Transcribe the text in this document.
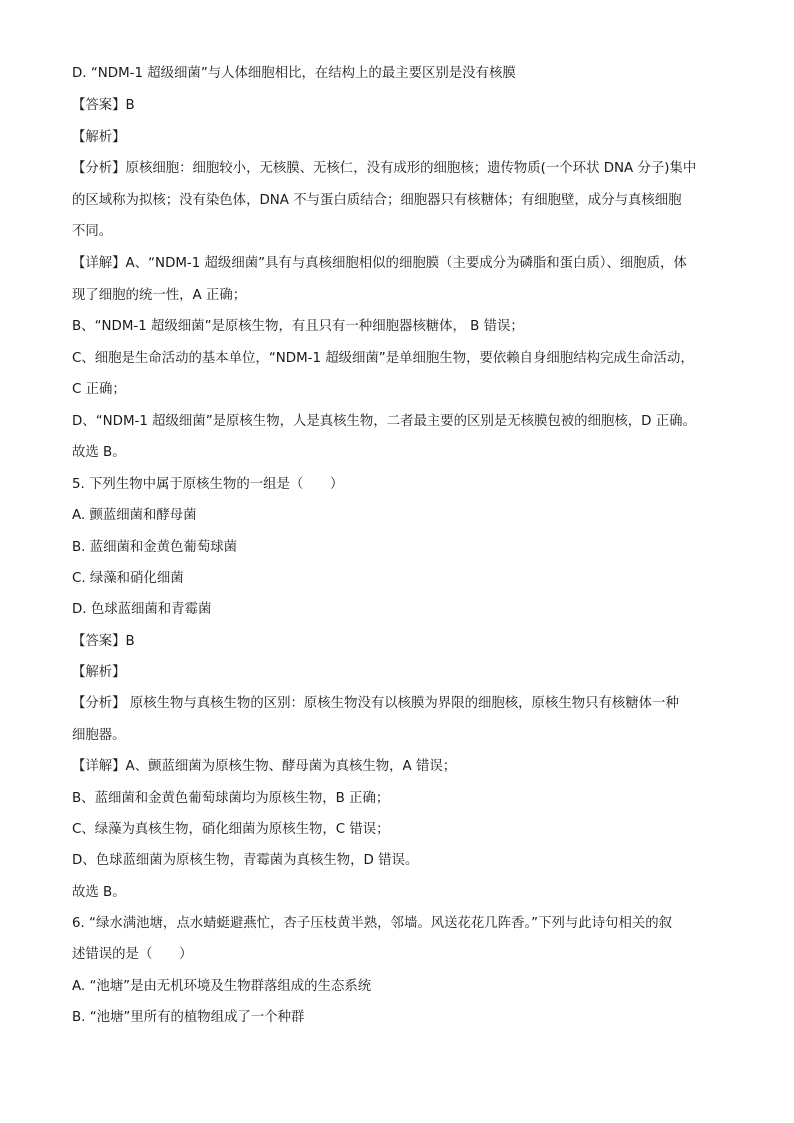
D. “NDM-1 超级细菌”与人体细胞相比，在结构上的最主要区别是没有核膜
【答案】B
【解析】
【分析】原核细胞：细胞较小，无核膜、无核仁，没有成形的细胞核；遗传物质(一个环状 DNA 分子)集中
的区域称为拟核；没有染色体，DNA 不与蛋白质结合；细胞器只有核糖体；有细胞壁，成分与真核细胞
不同。
【详解】A、“NDM-1 超级细菌”具有与真核细胞相似的细胞膜（主要成分为磷脂和蛋白质）、细胞质，体
现了细胞的统一性，A 正确；
B、“NDM-1 超级细菌”是原核生物，有且只有一种细胞器核糖体， B 错误；
C、细胞是生命活动的基本单位，“NDM-1 超级细菌”是单细胞生物，要依赖自身细胞结构完成生命活动，
C 正确；
D、“NDM-1 超级细菌”是原核生物，人是真核生物，二者最主要的区别是无核膜包被的细胞核，D 正确。
故选 B。
5. 下列生物中属于原核生物的一组是（　　）
A. 颤蓝细菌和酵母菌
B. 蓝细菌和金黄色葡萄球菌
C. 绿藻和硝化细菌
D. 色球蓝细菌和青霉菌
【答案】B
【解析】
【分析】 原核生物与真核生物的区别：原核生物没有以核膜为界限的细胞核，原核生物只有核糖体一种
细胞器。
【详解】A、颤蓝细菌为原核生物、酵母菌为真核生物，A 错误；
B、蓝细菌和金黄色葡萄球菌均为原核生物，B 正确；
C、绿藻为真核生物，硝化细菌为原核生物，C 错误；
D、色球蓝细菌为原核生物，青霉菌为真核生物，D 错误。
故选 B。
6. “绿水满池塘，点水蜻蜓避燕忙，杏子压枝黄半熟，邻墙。风送花花几阵香。”下列与此诗句相关的叙
述错误的是（　　）
A. “池塘”是由无机环境及生物群落组成的生态系统
B. “池塘”里所有的植物组成了一个种群
